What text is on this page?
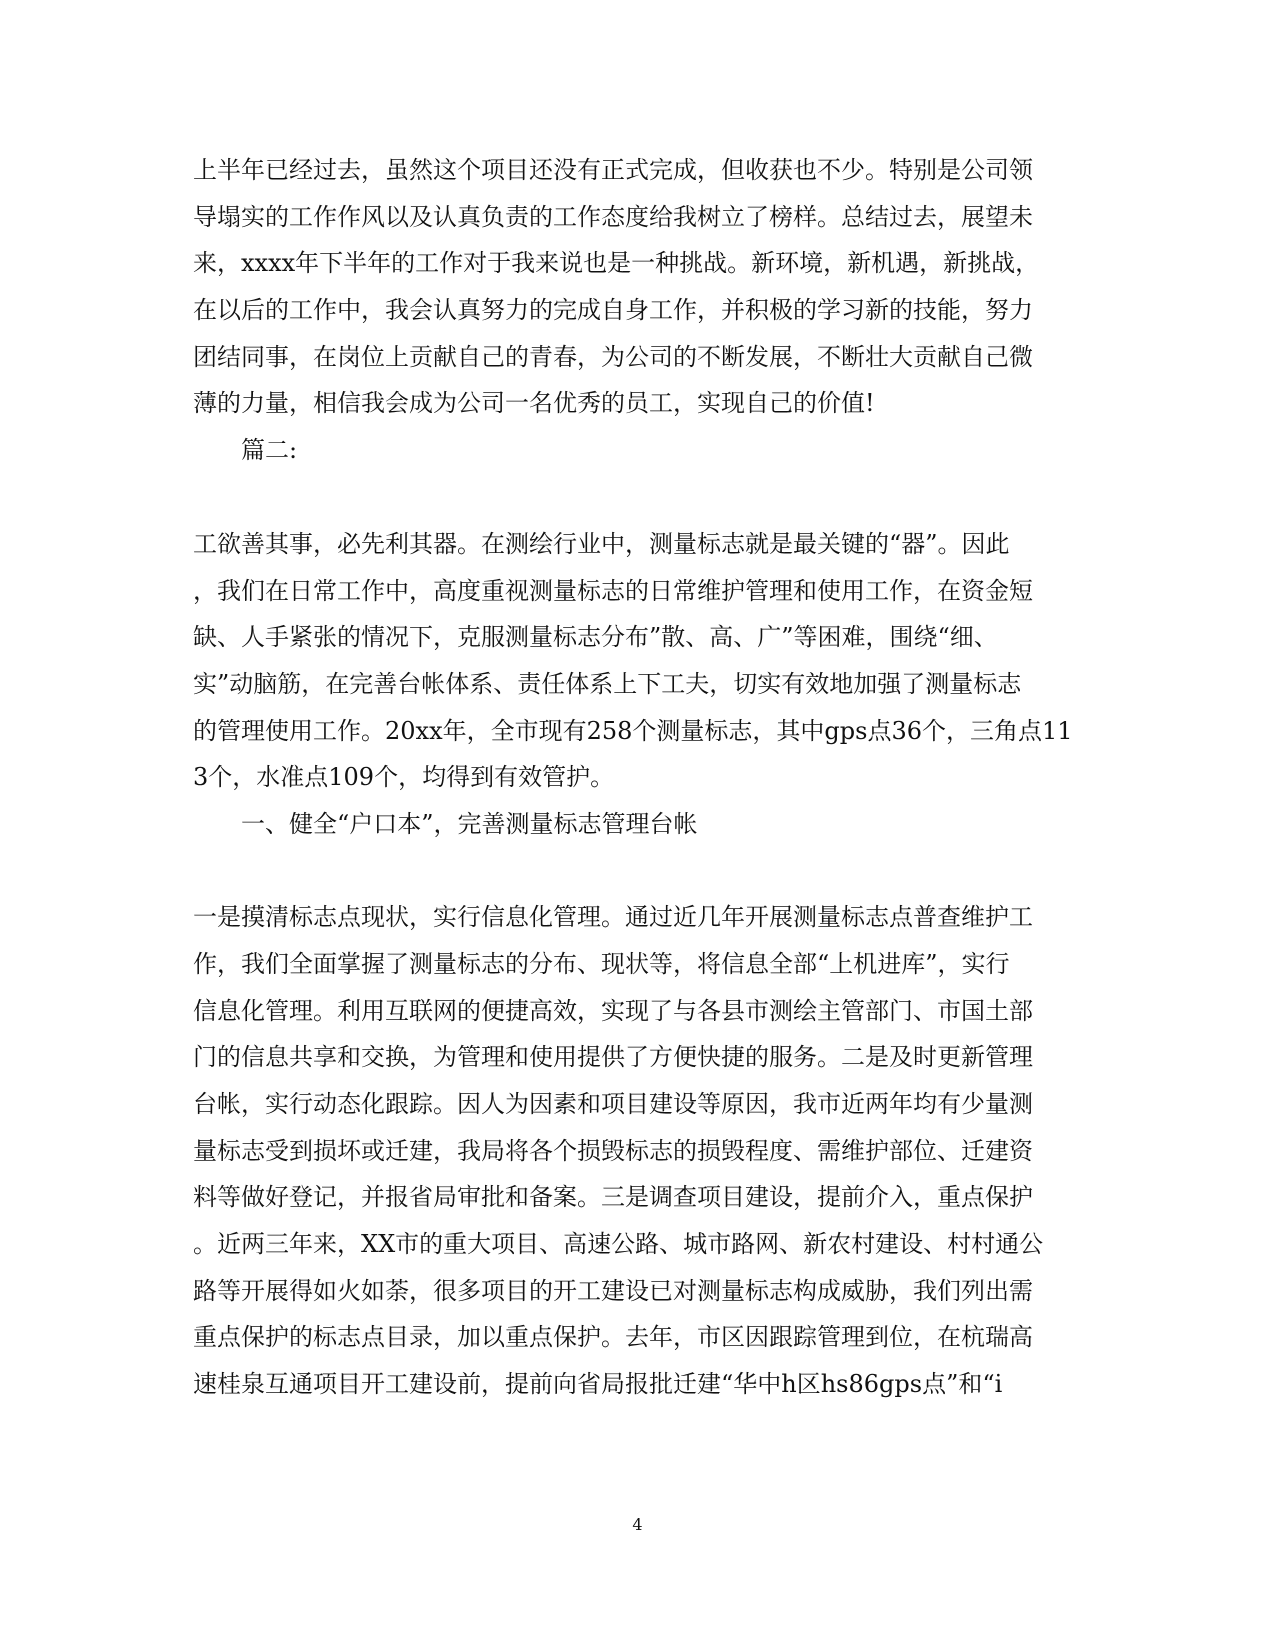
上半年已经过去，虽然这个项目还没有正式完成，但收获也不少。特别是公司领
导塌实的工作作风以及认真负责的工作态度给我树立了榜样。总结过去，展望未
来，xxxx年下半年的工作对于我来说也是一种挑战。新环境，新机遇，新挑战，
在以后的工作中，我会认真努力的完成自身工作，并积极的学习新的技能，努力
团结同事，在岗位上贡献自己的青春，为公司的不断发展，不断壮大贡献自己微
薄的力量，相信我会成为公司一名优秀的员工，实现自己的价值!
篇二:
工欲善其事，必先利其器。在测绘行业中，测量标志就是最关键的“器”。因此
，我们在日常工作中，高度重视测量标志的日常维护管理和使用工作，在资金短
缺、人手紧张的情况下，克服测量标志分布”散、高、广”等困难，围绕“细、
实”动脑筋，在完善台帐体系、责任体系上下工夫，切实有效地加强了测量标志
的管理使用工作。20xx年，全市现有258个测量标志，其中gps点36个，三角点11
3个，水准点109个，均得到有效管护。
一、健全“户口本”，完善测量标志管理台帐
一是摸清标志点现状，实行信息化管理。通过近几年开展测量标志点普查维护工
作，我们全面掌握了测量标志的分布、现状等，将信息全部“上机进库”，实行
信息化管理。利用互联网的便捷高效，实现了与各县市测绘主管部门、市国土部
门的信息共享和交换，为管理和使用提供了方便快捷的服务。二是及时更新管理
台帐，实行动态化跟踪。因人为因素和项目建设等原因，我市近两年均有少量测
量标志受到损坏或迁建，我局将各个损毁标志的损毁程度、需维护部位、迁建资
料等做好登记，并报省局审批和备案。三是调查项目建设，提前介入，重点保护
。近两三年来，XX市的重大项目、高速公路、城市路网、新农村建设、村村通公
路等开展得如火如荼，很多项目的开工建设已对测量标志构成威胁，我们列出需
重点保护的标志点目录，加以重点保护。去年，市区因跟踪管理到位，在杭瑞高
速桂泉互通项目开工建设前，提前向省局报批迁建“华中h区hs86gps点”和“i
4
